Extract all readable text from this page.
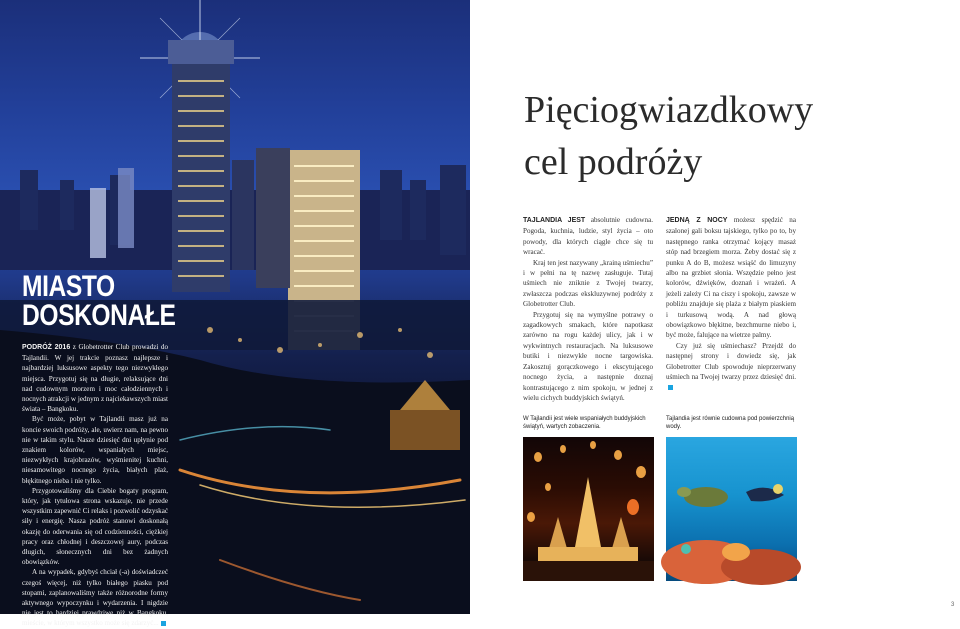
MIASTO
DOSKONAŁE

PODRÓŻ 2016 z Globetrotter Club prowadzi do Tajlandii. W jej trakcie poznasz najlepsze i najbardziej luksusowe aspekty tego niezwykłego miejsca. Przygotuj się na długie, relaksujące dni nad cudownym morzem i moc całodziennych i nocnych atrakcji w jednym z najciekawszych miast świata – Bangkoku.

Być może, pobyt w Tajlandii masz już na koncie swoich podróży, ale, uwierz nam, na pewno nie w takim stylu. Nasze dziesięć dni upłynie pod znakiem kolorów, wspaniałych miejsc, niezwykłych krajobrazów, wyśmienitej kuchni, niesamowitego nocnego życia, białych plaż, błękitnego nieba i nie tylko.

Przygotowaliśmy dla Ciebie bogaty program, który, jak tytułowa strona wskazuje, nie przede wszystkim zapewnić Ci relaks i pozwolić odzyskać siły i energię. Nasza podróż stanowi doskonałą okazję do oderwania się od codzienności, ciężkiej pracy oraz chłodnej i deszczowej aury, podczas długich, słonecznych dni bez żadnych obowiązków.

A na wypadek, gdybyś chciał (-a) doświadczeć czegoś więcej, niż tylko białego piasku pod stopami, zaplanowaliśmy także różnorodne formy aktywnego wypoczynku i wydarzenia. I nigdzie nie jest to bardziej prawdziwe niż w Bangkoku, mieście, w którym wszystko może się zdarzyć...

Pięciogwiazdkowy
cel podróży

TAJLANDIA JEST absolutnie cudowna. Pogoda, kuchnia, ludzie, styl życia – oto powody, dla których ciągle chce się tu wracać.

Kraj ten jest nazywany „krainą uśmiechu” i w pełni na tę nazwę zasługuje. Tutaj uśmiech nie zniknie z Twojej twarzy, zwłaszcza podczas ekskluzywnej podróży z Globetrotter Club.

Przygotuj się na wymyślne potrawy o zagadkowych smakach, które napotkasz zarówno na rogu każdej ulicy, jak i w wykwintnych restauracjach. Na luksusowe butiki i niezwykłe nocne targowiska. Zakosztuj gorączkowego i ekscytującego nocnego życia, a następnie doznaj kontrastującego z nim spokoju, w jednej z wielu cichych buddyjskich świątyń.

JEDNĄ Z NOCY możesz spędzić na szalonej gali boksu tajskiego, tylko po to, by następnego ranka otrzymać kojący masaż stóp nad brzegiem morza. Żeby dostać się z punku A do B, możesz wsiąść do limuzyny albo na grzbiet słonia. Wszędzie pełno jest kolorów, dźwięków, doznań i wrażeń. A jeżeli zależy Ci na ciszy i spokoju, zawsze w pobliżu znajduje się plaża z białym piaskiem i turkusową wodą. A nad głową obowiązkowo błękitne, bezchmurne niebo i, być może, falujące na wietrze palmy.

Czy już się uśmiechasz? Przejdź do następnej strony i dowiedz się, jak Globetrotter Club spowoduje nieprzerwany uśmiech na Twojej twarzy przez dziesięć dni.

W Tajlandii jest wiele wspaniałych buddyjskich świątyń, wartych zobaczenia.
Tajlandia jest równie cudowna pod powierzchnią wody.
3
